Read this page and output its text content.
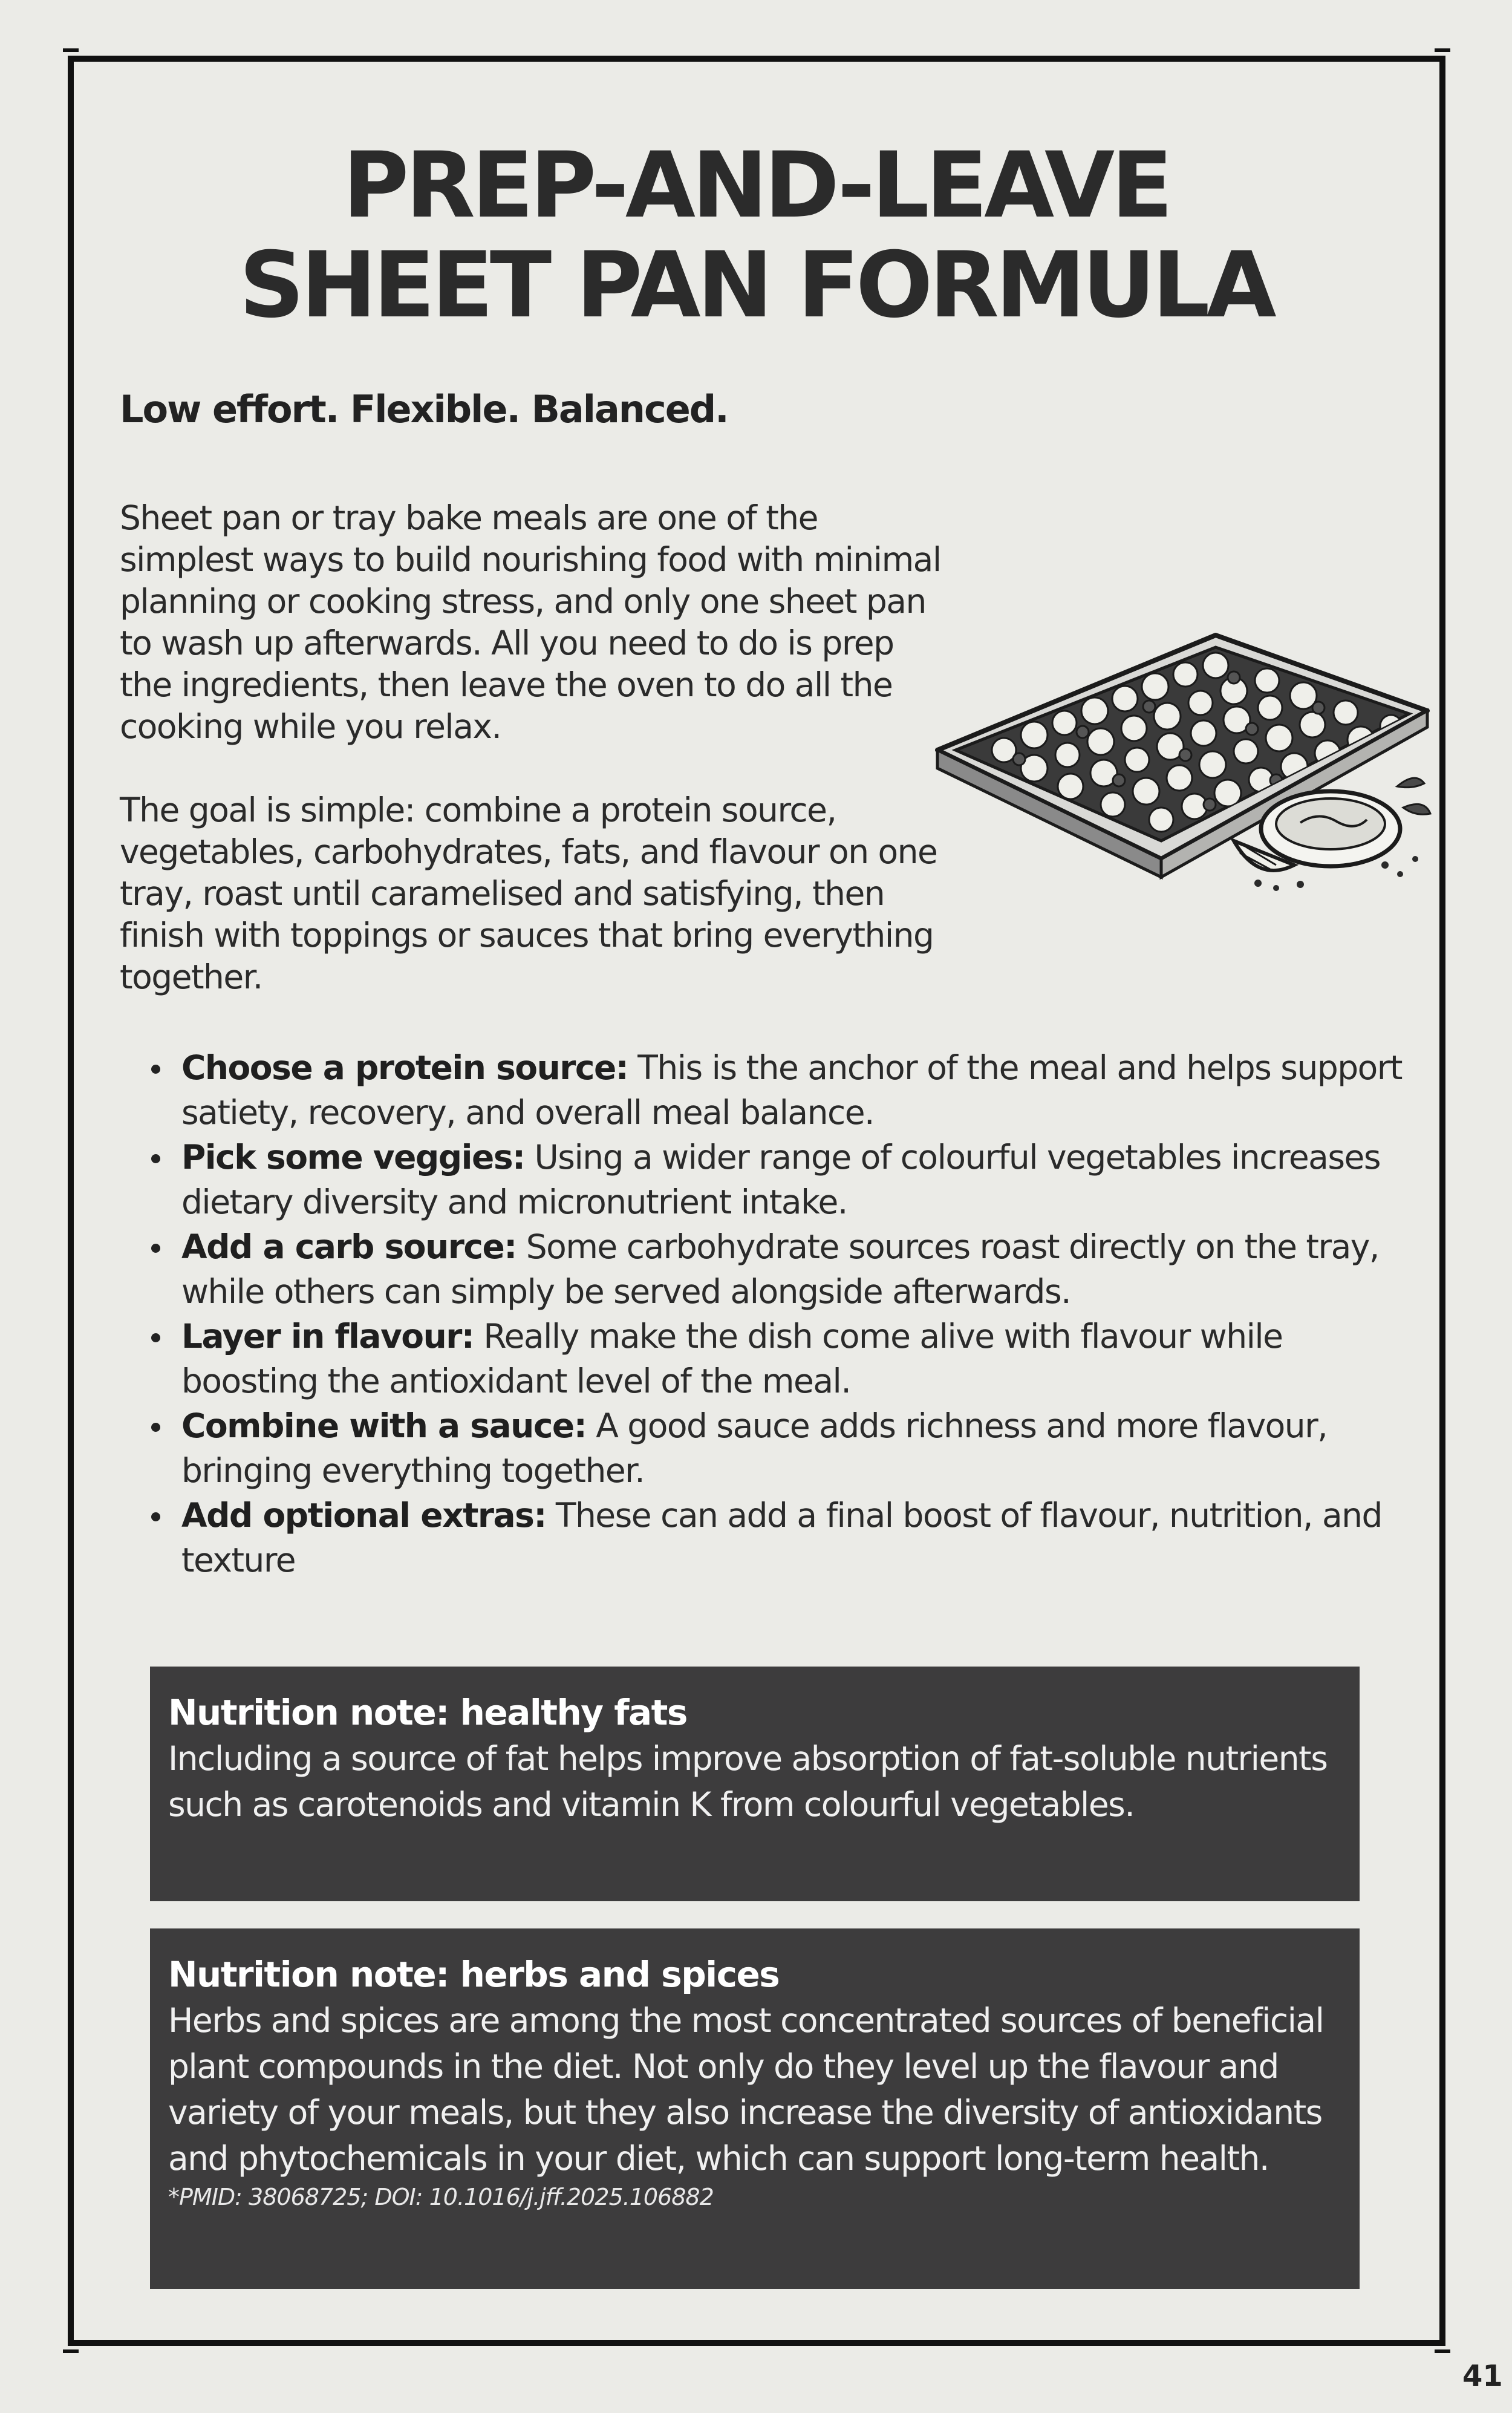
PREP-AND-LEAVE
SHEET PAN FORMULA
Low effort. Flexible. Balanced.

Sheet pan or tray bake meals are one of the simplest ways to build nourishing food with minimal planning or cooking stress, and only one sheet pan to wash up afterwards. All you need to do is prep the ingredients, then leave the oven to do all the cooking while you relax.

The goal is simple: combine a protein source, vegetables, carbohydrates, fats, and flavour on one tray, roast until caramelised and satisfying, then finish with toppings or sauces that bring everything together.

Choose a protein source: This is the anchor of the meal and helps support satiety, recovery, and overall meal balance.
Pick some veggies: Using a wider range of colourful vegetables increases dietary diversity and micronutrient intake.
Add a carb source: Some carbohydrate sources roast directly on the tray, while others can simply be served alongside afterwards.
Layer in flavour: Really make the dish come alive with flavour while boosting the antioxidant level of the meal.
Combine with a sauce: A good sauce adds richness and more flavour, bringing everything together.
Add optional extras: These can add a final boost of flavour, nutrition, and texture

Nutrition note: healthy fats

Including a source of fat helps improve absorption of fat-soluble nutrients such as carotenoids and vitamin K from colourful vegetables.

Nutrition note: herbs and spices

Herbs and spices are among the most concentrated sources of beneficial plant compounds in the diet. Not only do they level up the flavour and variety of your meals, but they also increase the diversity of antioxidants and phytochemicals in your diet, which can support long-term health.

*PMID: 38068725; DOI: 10.1016/j.jff.2025.106882

41
